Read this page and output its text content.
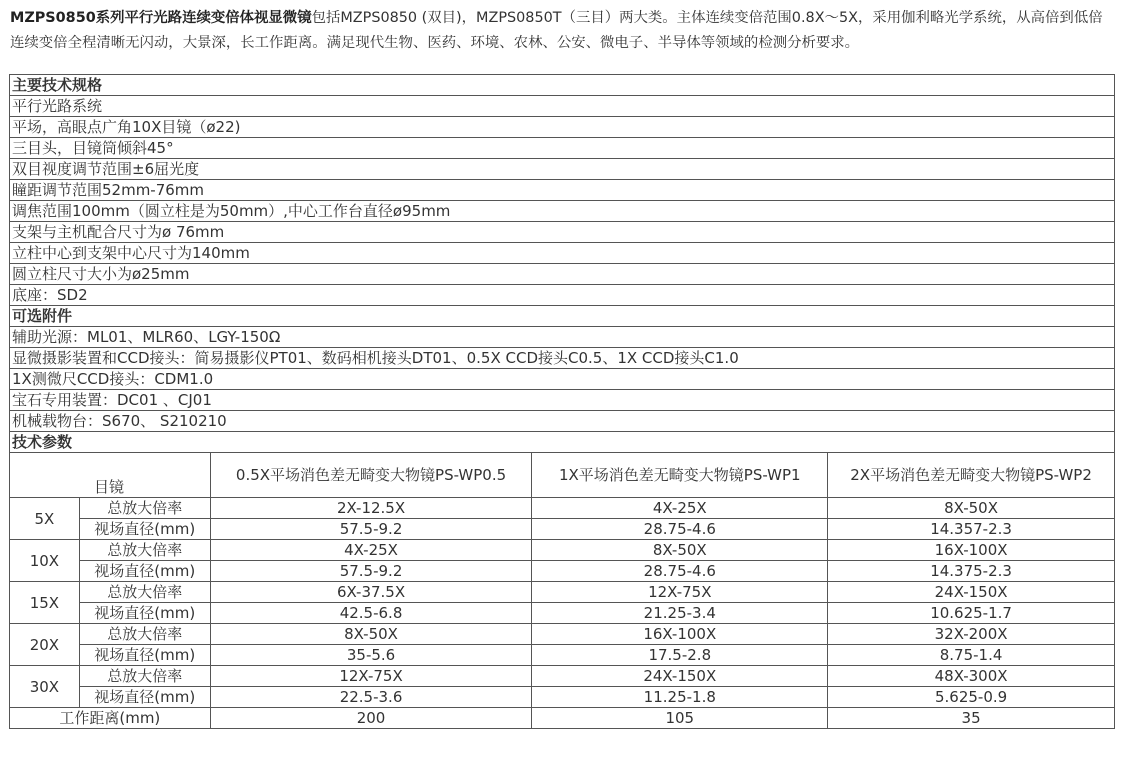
MZPS0850系列平行光路连续变倍体视显微镜包括MZPS0850 (双目)，MZPS0850T（三目）两大类。主体连续变倍范围0.8X～5X，采用伽利略光学系统，从高倍到低倍连续变倍全程清晰无闪动，大景深，长工作距离。满足现代生物、医药、环境、农林、公安、微电子、半导体等领域的检测分析要求。
主要技术规格				
平行光路系统				
平场，高眼点广角10X目镜（ø22)				
三目头，目镜筒倾斜45°				
双目视度调节范围±6屈光度				
瞳距调节范围52mm-76mm				
调焦范围100mm（圆立柱是为50mm）,中心工作台直径ø95mm				
支架与主机配合尺寸为ø 76mm				
立柱中心到支架中心尺寸为140mm				
圆立柱尺寸大小为ø25mm				
底座：SD2				
可选附件				
辅助光源：ML01、MLR60、LGY-150Ω				
显微摄影装置和CCD接头：简易摄影仪PT01、数码相机接头DT01、0.5X CCD接头C0.5、1X CCD接头C1.0				
1X测微尺CCD接头：CDM1.0				
宝石专用装置：DC01 、CJ01				
机械载物台：S670、 S210210				
技术参数				
目镜		0.5X平场消色差无畸变大物镜PS-WP0.5	1X平场消色差无畸变大物镜PS-WP1	2X平场消色差无畸变大物镜PS-WP2
5X	总放大倍率	2X-12.5X	4X-25X	8X-50X
	视场直径(mm)	57.5-9.2	28.75-4.6	14.357-2.3
10X	总放大倍率	4X-25X	8X-50X	16X-100X
	视场直径(mm)	57.5-9.2	28.75-4.6	14.375-2.3
15X	总放大倍率	6X-37.5X	12X-75X	24X-150X
	视场直径(mm)	42.5-6.8	21.25-3.4	10.625-1.7
20X	总放大倍率	8X-50X	16X-100X	32X-200X
	视场直径(mm)	35-5.6	17.5-2.8	8.75-1.4
30X	总放大倍率	12X-75X	24X-150X	48X-300X
	视场直径(mm)	22.5-3.6	11.25-1.8	5.625-0.9
工作距离(mm)		200	105	35
